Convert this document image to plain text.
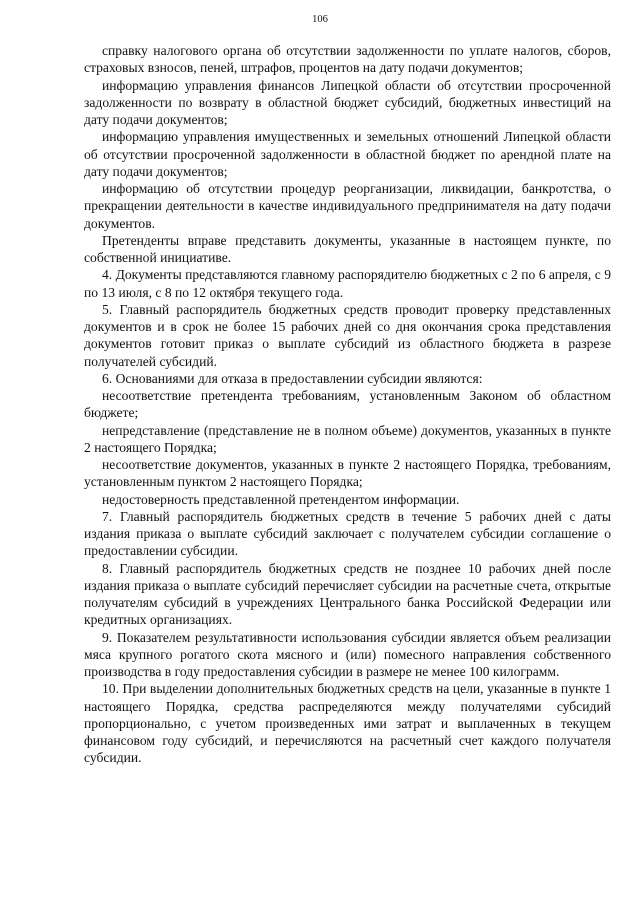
106

справку налогового органа об отсутствии задолженности по уплате налогов, сборов, страховых взносов, пеней, штрафов, процентов на дату подачи документов;

информацию управления финансов Липецкой области об отсутствии просроченной задолженности по возврату в областной бюджет субсидий, бюджетных инвестиций на дату подачи документов;

информацию управления имущественных и земельных отношений Липецкой области об отсутствии просроченной задолженности в областной бюджет по арендной плате на дату подачи документов;

информацию об отсутствии процедур реорганизации, ликвидации, банкротства, о прекращении деятельности в качестве индивидуального предпринимателя на дату подачи документов.

Претенденты вправе представить документы, указанные в настоящем пункте, по собственной инициативе.

4. Документы представляются главному распорядителю бюджетных с 2 по 6 апреля, с 9 по 13 июля, с 8 по 12 октября текущего года.

5. Главный распорядитель бюджетных средств проводит проверку представленных документов и в срок не более 15 рабочих дней со дня окончания срока представления документов готовит приказ о выплате субсидий из областного бюджета в разрезе получателей субсидий.

6. Основаниями для отказа в предоставлении субсидии являются:

несоответствие претендента требованиям, установленным Законом об областном бюджете;

непредставление (представление не в полном объеме) документов, указанных в пункте 2 настоящего Порядка;

несоответствие документов, указанных в пункте 2 настоящего Порядка, требованиям, установленным пунктом 2 настоящего Порядка;

недостоверность представленной претендентом информации.

7. Главный распорядитель бюджетных средств в течение 5 рабочих дней с даты издания приказа о выплате субсидий заключает с получателем субсидии соглашение о предоставлении субсидии.

8. Главный распорядитель бюджетных средств не позднее 10 рабочих дней после издания приказа о выплате субсидий перечисляет субсидии на расчетные счета, открытые получателям субсидий в учреждениях Центрального банка Российской Федерации или кредитных организациях.

9. Показателем результативности использования субсидии является объем реализации мяса крупного рогатого скота мясного и (или) помесного направления собственного производства в году предоставления субсидии в размере не менее 100 килограмм.

10. При выделении дополнительных бюджетных средств на цели, указанные в пункте 1 настоящего Порядка, средства распределяются между получателями субсидий пропорционально, с учетом произведенных ими затрат и выплаченных в текущем финансовом году субсидий, и перечисляются на расчетный счет каждого получателя субсидии.
